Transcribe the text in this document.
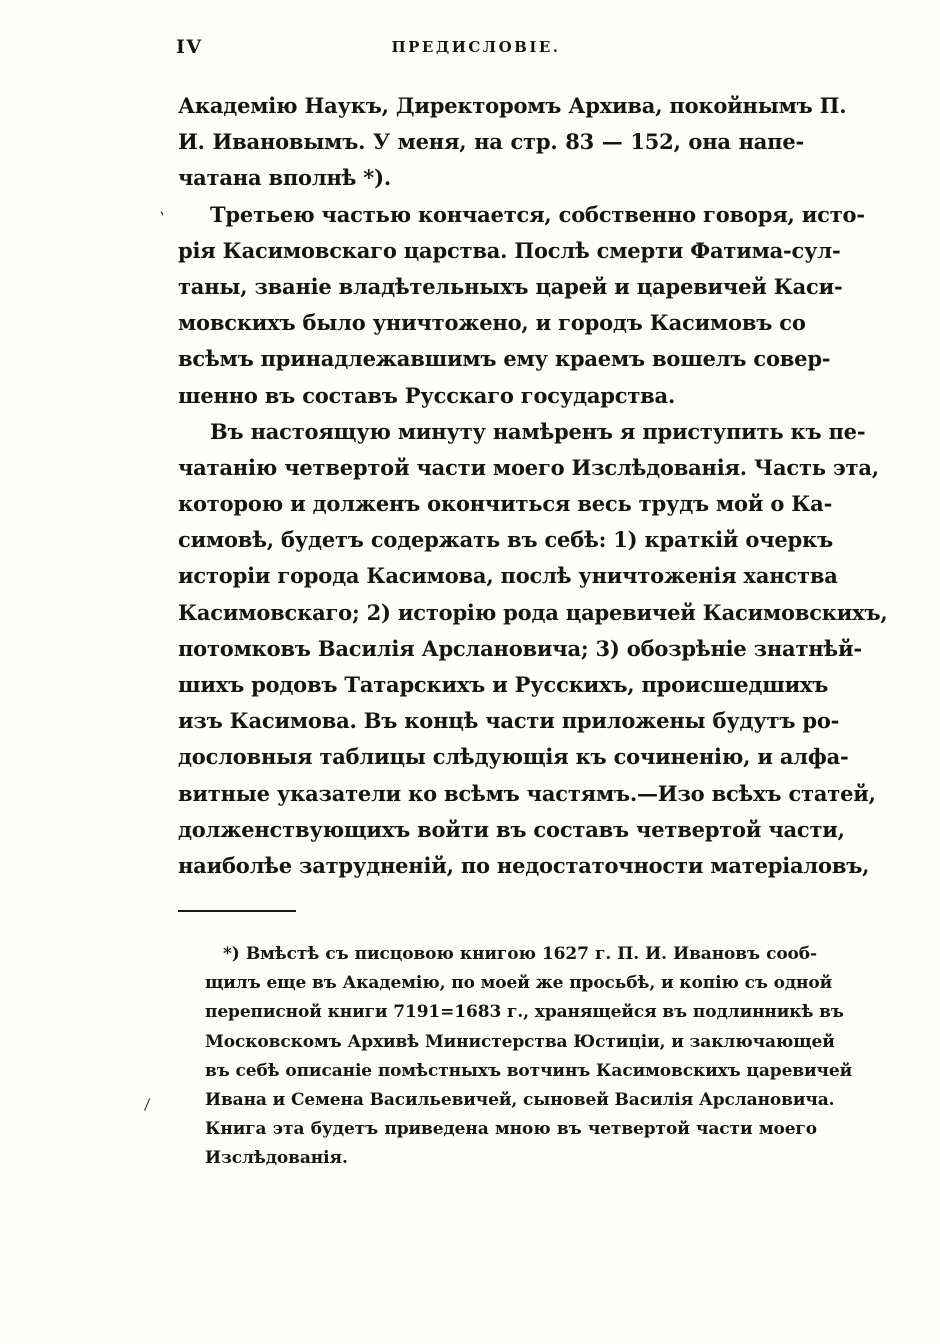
IV	ПРЕДИСЛОВІЕ.
Академію Наукъ, Директоромъ Архива, покойнымъ П.
И. Ивановымъ. У меня, на стр. 83 — 152, она напе-
чатана вполнѣ *).
Третьею частью кончается, собственно говоря, исто-
рія Касимовскаго царства. Послѣ смерти Фатима-сул-
таны, званіе владѣтельныхъ царей и царевичей Каси-
мовскихъ было уничтожено, и городъ Касимовъ со
всѣмъ принадлежавшимъ ему краемъ вошелъ совер-
шенно въ составъ Русскаго государства.
Въ настоящую минуту намѣренъ я приступить къ пе-
чатанію четвертой части моего Изслѣдованія. Часть эта,
которою и долженъ окончиться весь трудъ мой о Ка-
симовѣ, будетъ содержать въ себѣ: 1) краткій очеркъ
исторіи города Касимова, послѣ уничтоженія ханства
Касимовскаго; 2) исторію рода царевичей Касимовскихъ,
потомковъ Василія Арслановича; 3) обозрѣніе знатнѣй-
шихъ родовъ Татарскихъ и Русскихъ, происшедшихъ
изъ Касимова. Въ концѣ части приложены будутъ ро-
дословныя таблицы слѣдующія къ сочиненію, и алфа-
витные указатели ко всѣмъ частямъ.—Изо всѣхъ статей,
долженствующихъ войти въ составъ четвертой части,
наиболѣе затрудненій, по недостаточности матеріаловъ,
*) Вмѣстѣ съ писцовою книгою 1627 г. П. И. Ивановъ сооб-
щилъ еще въ Академію, по моей же просьбѣ, и копію съ одной
переписной книги 7191=1683 г., хранящейся въ подлинникѣ въ
Московскомъ Архивѣ Министерства Юстиціи, и заключающей
въ себѣ описаніе помѣстныхъ вотчинъ Касимовскихъ царевичей
Ивана и Семена Васильевичей, сыновей Василія Арслановича.
Книга эта будетъ приведена мною въ четвертой части моего
Изслѣдованія.
ˋ
⁄
